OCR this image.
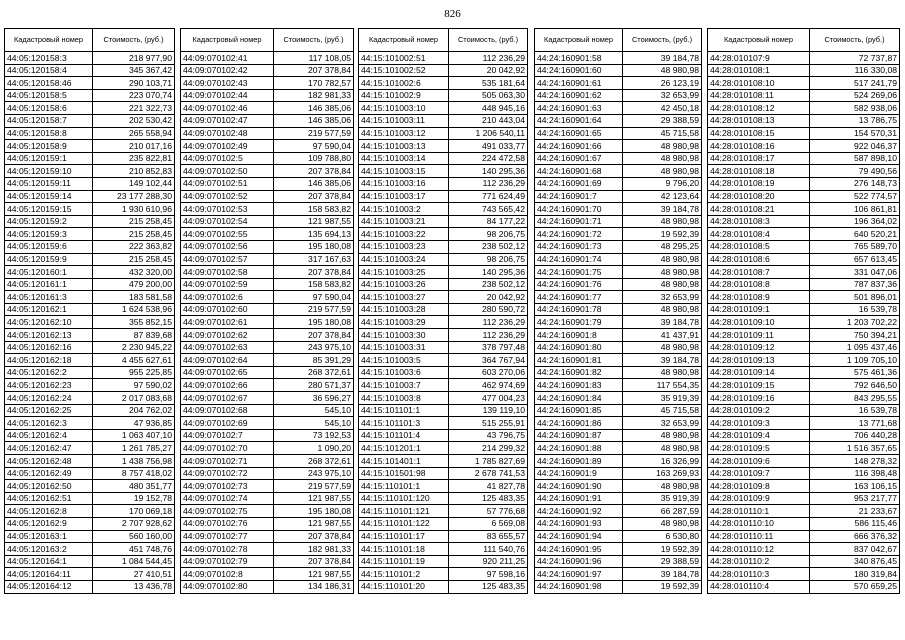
826
Кадастровый номер	Стоимость, (руб.)
44:05:120158:3	218 977,90
44:05:120158:4	345 367,42
44:05:120158:46	290 103,71
44:05:120158:5	223 070,74
44:05:120158:6	221 322,73
44:05:120158:7	202 530,42
44:05:120158:8	265 558,94
44:05:120158:9	210 017,16
44:05:120159:1	235 822,81
44:05:120159:10	210 852,83
44:05:120159:11	149 102,44
44:05:120159:14	23 177 288,30
44:05:120159:15	1 930 610,96
44:05:120159:2	215 258,45
44:05:120159:3	215 258,45
44:05:120159:6	222 363,82
44:05:120159:9	215 258,45
44:05:120160:1	432 320,00
44:05:120161:1	479 200,00
44:05:120161:3	183 581,58
44:05:120162:1	1 624 538,96
44:05:120162:10	355 852,15
44:05:120162:13	87 839,68
44:05:120162:16	2 230 945,22
44:05:120162:18	4 455 627,61
44:05:120162:2	955 225,85
44:05:120162:23	97 590,02
44:05:120162:24	2 017 083,68
44:05:120162:25	204 762,02
44:05:120162:3	47 936,85
44:05:120162:4	1 063 407,10
44:05:120162:47	1 261 785,27
44:05:120162:48	1 438 756,98
44:05:120162:49	8 757 418,02
44:05:120162:50	480 351,77
44:05:120162:51	19 152,78
44:05:120162:8	170 069,18
44:05:120162:9	2 707 928,62
44:05:120163:1	560 160,00
44:05:120163:2	451 748,76
44:05:120164:1	1 084 544,45
44:05:120164:11	27 410,51
44:05:120164:12	13 436,78
Кадастровый номер	Стоимость, (руб.)
44:09:070102:41	117 108,05
44:09:070102:42	207 378,84
44:09:070102:43	170 782,57
44:09:070102:44	182 981,33
44:09:070102:46	146 385,06
44:09:070102:47	146 385,06
44:09:070102:48	219 577,59
44:09:070102:49	97 590,04
44:09:070102:5	109 788,80
44:09:070102:50	207 378,84
44:09:070102:51	146 385,06
44:09:070102:52	207 378,84
44:09:070102:53	158 583,82
44:09:070102:54	121 987,55
44:09:070102:55	135 694,13
44:09:070102:56	195 180,08
44:09:070102:57	317 167,63
44:09:070102:58	207 378,84
44:09:070102:59	158 583,82
44:09:070102:6	97 590,04
44:09:070102:60	219 577,59
44:09:070102:61	195 180,08
44:09:070102:62	207 378,84
44:09:070102:63	243 975,10
44:09:070102:64	85 391,29
44:09:070102:65	268 372,61
44:09:070102:66	280 571,37
44:09:070102:67	36 596,27
44:09:070102:68	545,10
44:09:070102:69	545,10
44:09:070102:7	73 192,53
44:09:070102:70	1 090,20
44:09:070102:71	268 372,61
44:09:070102:72	243 975,10
44:09:070102:73	219 577,59
44:09:070102:74	121 987,55
44:09:070102:75	195 180,08
44:09:070102:76	121 987,55
44:09:070102:77	207 378,84
44:09:070102:78	182 981,33
44:09:070102:79	207 378,84
44:09:070102:8	121 987,55
44:09:070102:80	134 186,31
Кадастровый номер	Стоимость, (руб.)
44:15:101002:51	112 236,29
44:15:101002:52	20 042,92
44:15:101002:6	535 181,64
44:15:101002:9	505 063,30
44:15:101003:10	448 945,16
44:15:101003:11	210 443,04
44:15:101003:12	1 206 540,11
44:15:101003:13	491 033,77
44:15:101003:14	224 472,58
44:15:101003:15	140 295,36
44:15:101003:16	112 236,29
44:15:101003:17	771 624,49
44:15:101003:2	743 565,42
44:15:101003:21	84 177,22
44:15:101003:22	98 206,75
44:15:101003:23	238 502,12
44:15:101003:24	98 206,75
44:15:101003:25	140 295,36
44:15:101003:26	238 502,12
44:15:101003:27	20 042,92
44:15:101003:28	280 590,72
44:15:101003:29	112 236,29
44:15:101003:30	112 236,29
44:15:101003:31	378 797,48
44:15:101003:5	364 767,94
44:15:101003:6	603 270,06
44:15:101003:7	462 974,69
44:15:101003:8	477 004,23
44:15:101101:1	139 119,10
44:15:101101:3	515 255,91
44:15:101101:4	43 796,75
44:15:101201:1	214 299,32
44:15:101401:1	1 785 827,69
44:15:101501:98	2 678 741,53
44:15:110101:1	41 827,78
44:15:110101:120	125 483,35
44:15:110101:121	57 776,68
44:15:110101:122	6 569,08
44:15:110101:17	83 655,57
44:15:110101:18	111 540,76
44:15:110101:19	920 211,25
44:15:110101:2	97 598,16
44:15:110101:20	125 483,35
Кадастровый номер	Стоимость, (руб.)
44:24:160901:58	39 184,78
44:24:160901:60	48 980,98
44:24:160901:61	26 123,19
44:24:160901:62	32 653,99
44:24:160901:63	42 450,18
44:24:160901:64	29 388,59
44:24:160901:65	45 715,58
44:24:160901:66	48 980,98
44:24:160901:67	48 980,98
44:24:160901:68	48 980,98
44:24:160901:69	9 796,20
44:24:160901:7	42 123,64
44:24:160901:70	39 184,78
44:24:160901:71	48 980,98
44:24:160901:72	19 592,39
44:24:160901:73	48 295,25
44:24:160901:74	48 980,98
44:24:160901:75	48 980,98
44:24:160901:76	48 980,98
44:24:160901:77	32 653,99
44:24:160901:78	48 980,98
44:24:160901:79	39 184,78
44:24:160901:8	41 437,91
44:24:160901:80	48 980,98
44:24:160901:81	39 184,78
44:24:160901:82	48 980,98
44:24:160901:83	117 554,35
44:24:160901:84	35 919,39
44:24:160901:85	45 715,58
44:24:160901:86	32 653,99
44:24:160901:87	48 980,98
44:24:160901:88	48 980,98
44:24:160901:89	16 326,99
44:24:160901:9	163 269,93
44:24:160901:90	48 980,98
44:24:160901:91	35 919,39
44:24:160901:92	66 287,59
44:24:160901:93	48 980,98
44:24:160901:94	6 530,80
44:24:160901:95	19 592,39
44:24:160901:96	29 388,59
44:24:160901:97	39 184,78
44:24:160901:98	19 592,39
Кадастровый номер	Стоимость, (руб.)
44:28:010107:9	72 737,87
44:28:010108:1	116 330,08
44:28:010108:10	517 241,79
44:28:010108:11	524 269,06
44:28:010108:12	582 938,06
44:28:010108:13	13 786,75
44:28:010108:15	154 570,31
44:28:010108:16	922 046,37
44:28:010108:17	587 898,10
44:28:010108:18	79 490,56
44:28:010108:19	276 148,73
44:28:010108:20	522 774,57
44:28:010108:21	106 861,81
44:28:010108:3	196 364,02
44:28:010108:4	640 520,21
44:28:010108:5	765 589,70
44:28:010108:6	657 613,45
44:28:010108:7	331 047,06
44:28:010108:8	787 837,36
44:28:010108:9	501 896,01
44:28:010109:1	16 539,78
44:28:010109:10	1 203 702,22
44:28:010109:11	750 394,21
44:28:010109:12	1 095 437,46
44:28:010109:13	1 109 705,10
44:28:010109:14	575 461,36
44:28:010109:15	792 646,50
44:28:010109:16	843 295,55
44:28:010109:2	16 539,78
44:28:010109:3	13 771,68
44:28:010109:4	706 440,28
44:28:010109:5	1 516 357,65
44:28:010109:6	148 278,32
44:28:010109:7	116 398,48
44:28:010109:8	163 106,15
44:28:010109:9	953 217,77
44:28:010110:1	21 233,67
44:28:010110:10	586 115,46
44:28:010110:11	666 376,32
44:28:010110:12	837 042,67
44:28:010110:2	340 876,45
44:28:010110:3	180 319,84
44:28:010110:4	570 659,25
